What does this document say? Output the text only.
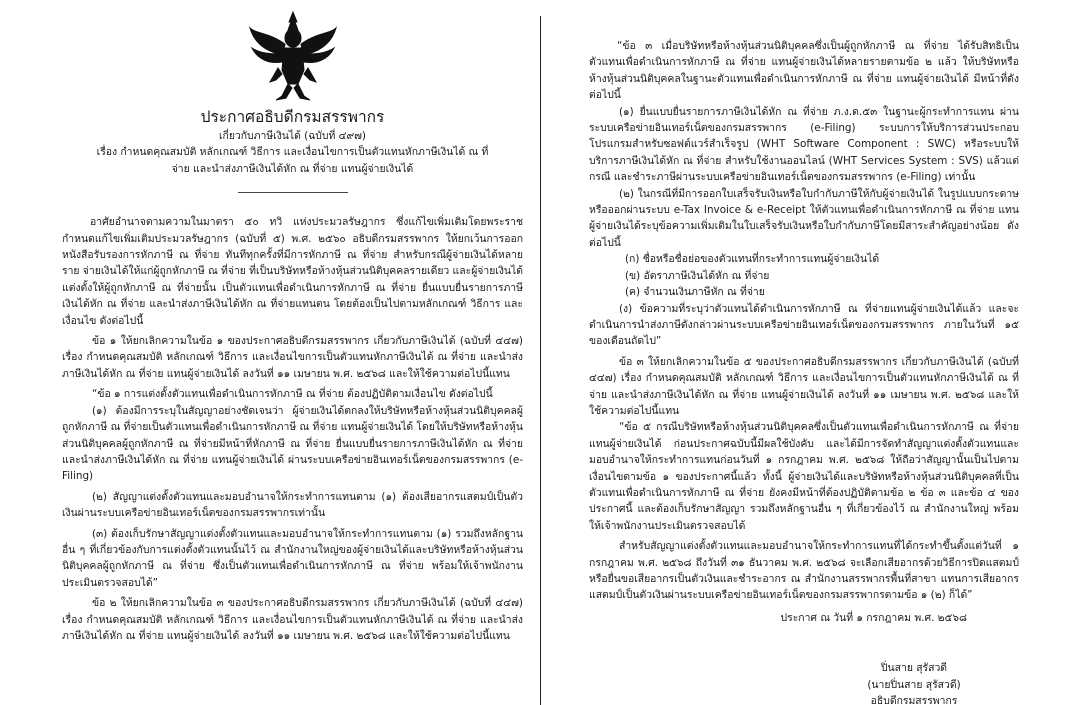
ประกาศอธิบดีกรมสรรพากร
เกี่ยวกับภาษีเงินได้ (ฉบับที่ ๔๙๗)
เรื่อง กำหนดคุณสมบัติ หลักเกณฑ์ วิธีการ และเงื่อนไขการเป็นตัวแทนหักภาษีเงินได้ ณ ที่จ่าย และนำส่งภาษีเงินได้หัก ณ ที่จ่าย แทนผู้จ่ายเงินได้

อาศัยอำนาจตามความในมาตรา ๕๐ ทวิ แห่งประมวลรัษฎากร ซึ่งแก้ไขเพิ่มเติมโดยพระราชกำหนดแก้ไขเพิ่มเติมประมวลรัษฎากร (ฉบับที่ ๕) พ.ศ. ๒๕๖๐ อธิบดีกรมสรรพากร ให้ยกเว้นการออกหนังสือรับรองการหักภาษี ณ ที่จ่าย ทันทีทุกครั้งที่มีการหักภาษี ณ ที่จ่าย สำหรับกรณีผู้จ่ายเงินได้หลายราย จ่ายเงินได้ให้แก่ผู้ถูกหักภาษี ณ ที่จ่าย ที่เป็นบริษัทหรือห้างหุ้นส่วนนิติบุคคลรายเดียว และผู้จ่ายเงินได้แต่งตั้งให้ผู้ถูกหักภาษี ณ ที่จ่ายนั้น เป็นตัวแทนเพื่อดำเนินการหักภาษี ณ ที่จ่าย ยื่นแบบยื่นรายการภาษีเงินได้หัก ณ ที่จ่าย และนำส่งภาษีเงินได้หัก ณ ที่จ่ายแทนตน โดยต้องเป็นไปตามหลักเกณฑ์ วิธีการ และเงื่อนไข ดังต่อไปนี้

ข้อ ๑ ให้ยกเลิกความในข้อ ๑ ของประกาศอธิบดีกรมสรรพากร เกี่ยวกับภาษีเงินได้ (ฉบับที่ ๔๔๗) เรื่อง กำหนดคุณสมบัติ หลักเกณฑ์ วิธีการ และเงื่อนไขการเป็นตัวแทนหักภาษีเงินได้ ณ ที่จ่าย และนำส่งภาษีเงินได้หัก ณ ที่จ่าย แทนผู้จ่ายเงินได้ ลงวันที่ ๑๑ เมษายน พ.ศ. ๒๕๖๘ และให้ใช้ความต่อไปนี้แทน

“ข้อ ๑ การแต่งตั้งตัวแทนเพื่อดำเนินการหักภาษี ณ ที่จ่าย ต้องปฏิบัติตามเงื่อนไข ดังต่อไปนี้

(๑) ต้องมีการระบุในสัญญาอย่างชัดเจนว่า ผู้จ่ายเงินได้ตกลงให้บริษัทหรือห้างหุ้นส่วนนิติบุคคลผู้ถูกหักภาษี ณ ที่จ่ายเป็นตัวแทนเพื่อดำเนินการหักภาษี ณ ที่จ่าย แทนผู้จ่ายเงินได้ โดยให้บริษัทหรือห้างหุ้นส่วนนิติบุคคลผู้ถูกหักภาษี ณ ที่จ่ายมีหน้าที่หักภาษี ณ ที่จ่าย ยื่นแบบยื่นรายการภาษีเงินได้หัก ณ ที่จ่าย และนำส่งภาษีเงินได้หัก ณ ที่จ่าย แทนผู้จ่ายเงินได้ ผ่านระบบเครือข่ายอินเทอร์เน็ตของกรมสรรพากร (e-Filing)

(๒) สัญญาแต่งตั้งตัวแทนและมอบอำนาจให้กระทำการแทนตาม (๑) ต้องเสียอากรแสตมป์เป็นตัวเงินผ่านระบบเครือข่ายอินเทอร์เน็ตของกรมสรรพากรเท่านั้น

(๓) ต้องเก็บรักษาสัญญาแต่งตั้งตัวแทนและมอบอำนาจให้กระทำการแทนตาม (๑) รวมถึงหลักฐานอื่น ๆ ที่เกี่ยวข้องกับการแต่งตั้งตัวแทนนั้นไว้ ณ สำนักงานใหญ่ของผู้จ่ายเงินได้และบริษัทหรือห้างหุ้นส่วนนิติบุคคลผู้ถูกหักภาษี ณ ที่จ่าย ซึ่งเป็นตัวแทนเพื่อดำเนินการหักภาษี ณ ที่จ่าย พร้อมให้เจ้าพนักงานประเมินตรวจสอบได้”

ข้อ ๒ ให้ยกเลิกความในข้อ ๓ ของประกาศอธิบดีกรมสรรพากร เกี่ยวกับภาษีเงินได้ (ฉบับที่ ๔๔๗) เรื่อง กำหนดคุณสมบัติ หลักเกณฑ์ วิธีการ และเงื่อนไขการเป็นตัวแทนหักภาษีเงินได้ ณ ที่จ่าย และนำส่งภาษีเงินได้หัก ณ ที่จ่าย แทนผู้จ่ายเงินได้ ลงวันที่ ๑๑ เมษายน พ.ศ. ๒๕๖๘ และให้ใช้ความต่อไปนี้แทน

“ข้อ ๓ เมื่อบริษัทหรือห้างหุ้นส่วนนิติบุคคลซึ่งเป็นผู้ถูกหักภาษี ณ ที่จ่าย ได้รับสิทธิเป็นตัวแทนเพื่อดำเนินการหักภาษี ณ ที่จ่าย แทนผู้จ่ายเงินได้หลายรายตามข้อ ๒ แล้ว ให้บริษัทหรือห้างหุ้นส่วนนิติบุคคลในฐานะตัวแทนเพื่อดำเนินการหักภาษี ณ ที่จ่าย แทนผู้จ่ายเงินได้ มีหน้าที่ดังต่อไปนี้

(๑) ยื่นแบบยื่นรายการภาษีเงินได้หัก ณ ที่จ่าย ภ.ง.ด.๕๓ ในฐานะผู้กระทำการแทน ผ่านระบบเครือข่ายอินเทอร์เน็ตของกรมสรรพากร (e-Filing) ระบบการให้บริการส่วนประกอบโปรแกรมสำหรับซอฟต์แวร์สำเร็จรูป (WHT Software Component : SWC) หรือระบบให้บริการภาษีเงินได้หัก ณ ที่จ่าย สำหรับใช้งานออนไลน์ (WHT Services System : SVS) แล้วแต่กรณี และชำระภาษีผ่านระบบเครือข่ายอินเทอร์เน็ตของกรมสรรพากร (e-Filing) เท่านั้น

(๒) ในกรณีที่มีการออกใบเสร็จรับเงินหรือใบกำกับภาษีให้กับผู้จ่ายเงินได้ ในรูปแบบกระดาษหรือออกผ่านระบบ e-Tax Invoice & e-Receipt ให้ตัวแทนเพื่อดำเนินการหักภาษี ณ ที่จ่าย แทนผู้จ่ายเงินได้ระบุข้อความเพิ่มเติมในใบเสร็จรับเงินหรือใบกำกับภาษีโดยมีสาระสำคัญอย่างน้อย ดังต่อไปนี้

(ก) ชื่อหรือชื่อย่อของตัวแทนที่กระทำการแทนผู้จ่ายเงินได้

(ข) อัตราภาษีเงินได้หัก ณ ที่จ่าย

(ค) จำนวนเงินภาษีหัก ณ ที่จ่าย

(ง) ข้อความที่ระบุว่าตัวแทนได้ดำเนินการหักภาษี ณ ที่จ่ายแทนผู้จ่ายเงินได้แล้ว และจะดำเนินการนำส่งภาษีดังกล่าวผ่านระบบเครือข่ายอินเทอร์เน็ตของกรมสรรพากร ภายในวันที่ ๑๕ ของเดือนถัดไป”

ข้อ ๓ ให้ยกเลิกความในข้อ ๕ ของประกาศอธิบดีกรมสรรพากร เกี่ยวกับภาษีเงินได้ (ฉบับที่ ๔๔๗) เรื่อง กำหนดคุณสมบัติ หลักเกณฑ์ วิธีการ และเงื่อนไขการเป็นตัวแทนหักภาษีเงินได้ ณ ที่จ่าย และนำส่งภาษีเงินได้หัก ณ ที่จ่าย แทนผู้จ่ายเงินได้ ลงวันที่ ๑๑ เมษายน พ.ศ. ๒๕๖๘ และให้ใช้ความต่อไปนี้แทน

“ข้อ ๕ กรณีบริษัทหรือห้างหุ้นส่วนนิติบุคคลซึ่งเป็นตัวแทนเพื่อดำเนินการหักภาษี ณ ที่จ่ายแทนผู้จ่ายเงินได้ ก่อนประกาศฉบับนี้มีผลใช้บังคับ และได้มีการจัดทำสัญญาแต่งตั้งตัวแทนและมอบอำนาจให้กระทำการแทนก่อนวันที่ ๑ กรกฎาคม พ.ศ. ๒๕๖๘ ให้ถือว่าสัญญานั้นเป็นไปตามเงื่อนไขตามข้อ ๑ ของประกาศนี้แล้ว ทั้งนี้ ผู้จ่ายเงินได้และบริษัทหรือห้างหุ้นส่วนนิติบุคคลที่เป็นตัวแทนเพื่อดำเนินการหักภาษี ณ ที่จ่าย ยังคงมีหน้าที่ต้องปฏิบัติตามข้อ ๒ ข้อ ๓ และข้อ ๔ ของประกาศนี้ และต้องเก็บรักษาสัญญา รวมถึงหลักฐานอื่น ๆ ที่เกี่ยวข้องไว้ ณ สำนักงานใหญ่ พร้อมให้เจ้าพนักงานประเมินตรวจสอบได้

สำหรับสัญญาแต่งตั้งตัวแทนและมอบอำนาจให้กระทำการแทนที่ได้กระทำขึ้นตั้งแต่วันที่ ๑ กรกฎาคม พ.ศ. ๒๕๖๘ ถึงวันที่ ๓๑ ธันวาคม พ.ศ. ๒๕๖๘ จะเลือกเสียอากรด้วยวิธีการปิดแสตมป์ หรือยื่นขอเสียอากรเป็นตัวเงินและชำระอากร ณ สำนักงานสรรพากรพื้นที่สาขา แทนการเสียอากรแสตมป์เป็นตัวเงินผ่านระบบเครือข่ายอินเทอร์เน็ตของกรมสรรพากรตามข้อ ๑ (๒) ก็ได้”

ประกาศ ณ วันที่ ๑ กรกฎาคม พ.ศ. ๒๕๖๘
ปิ่นสาย สุรัสวดี
(นายปิ่นสาย สุรัสวดี)
อธิบดีกรมสรรพากร
